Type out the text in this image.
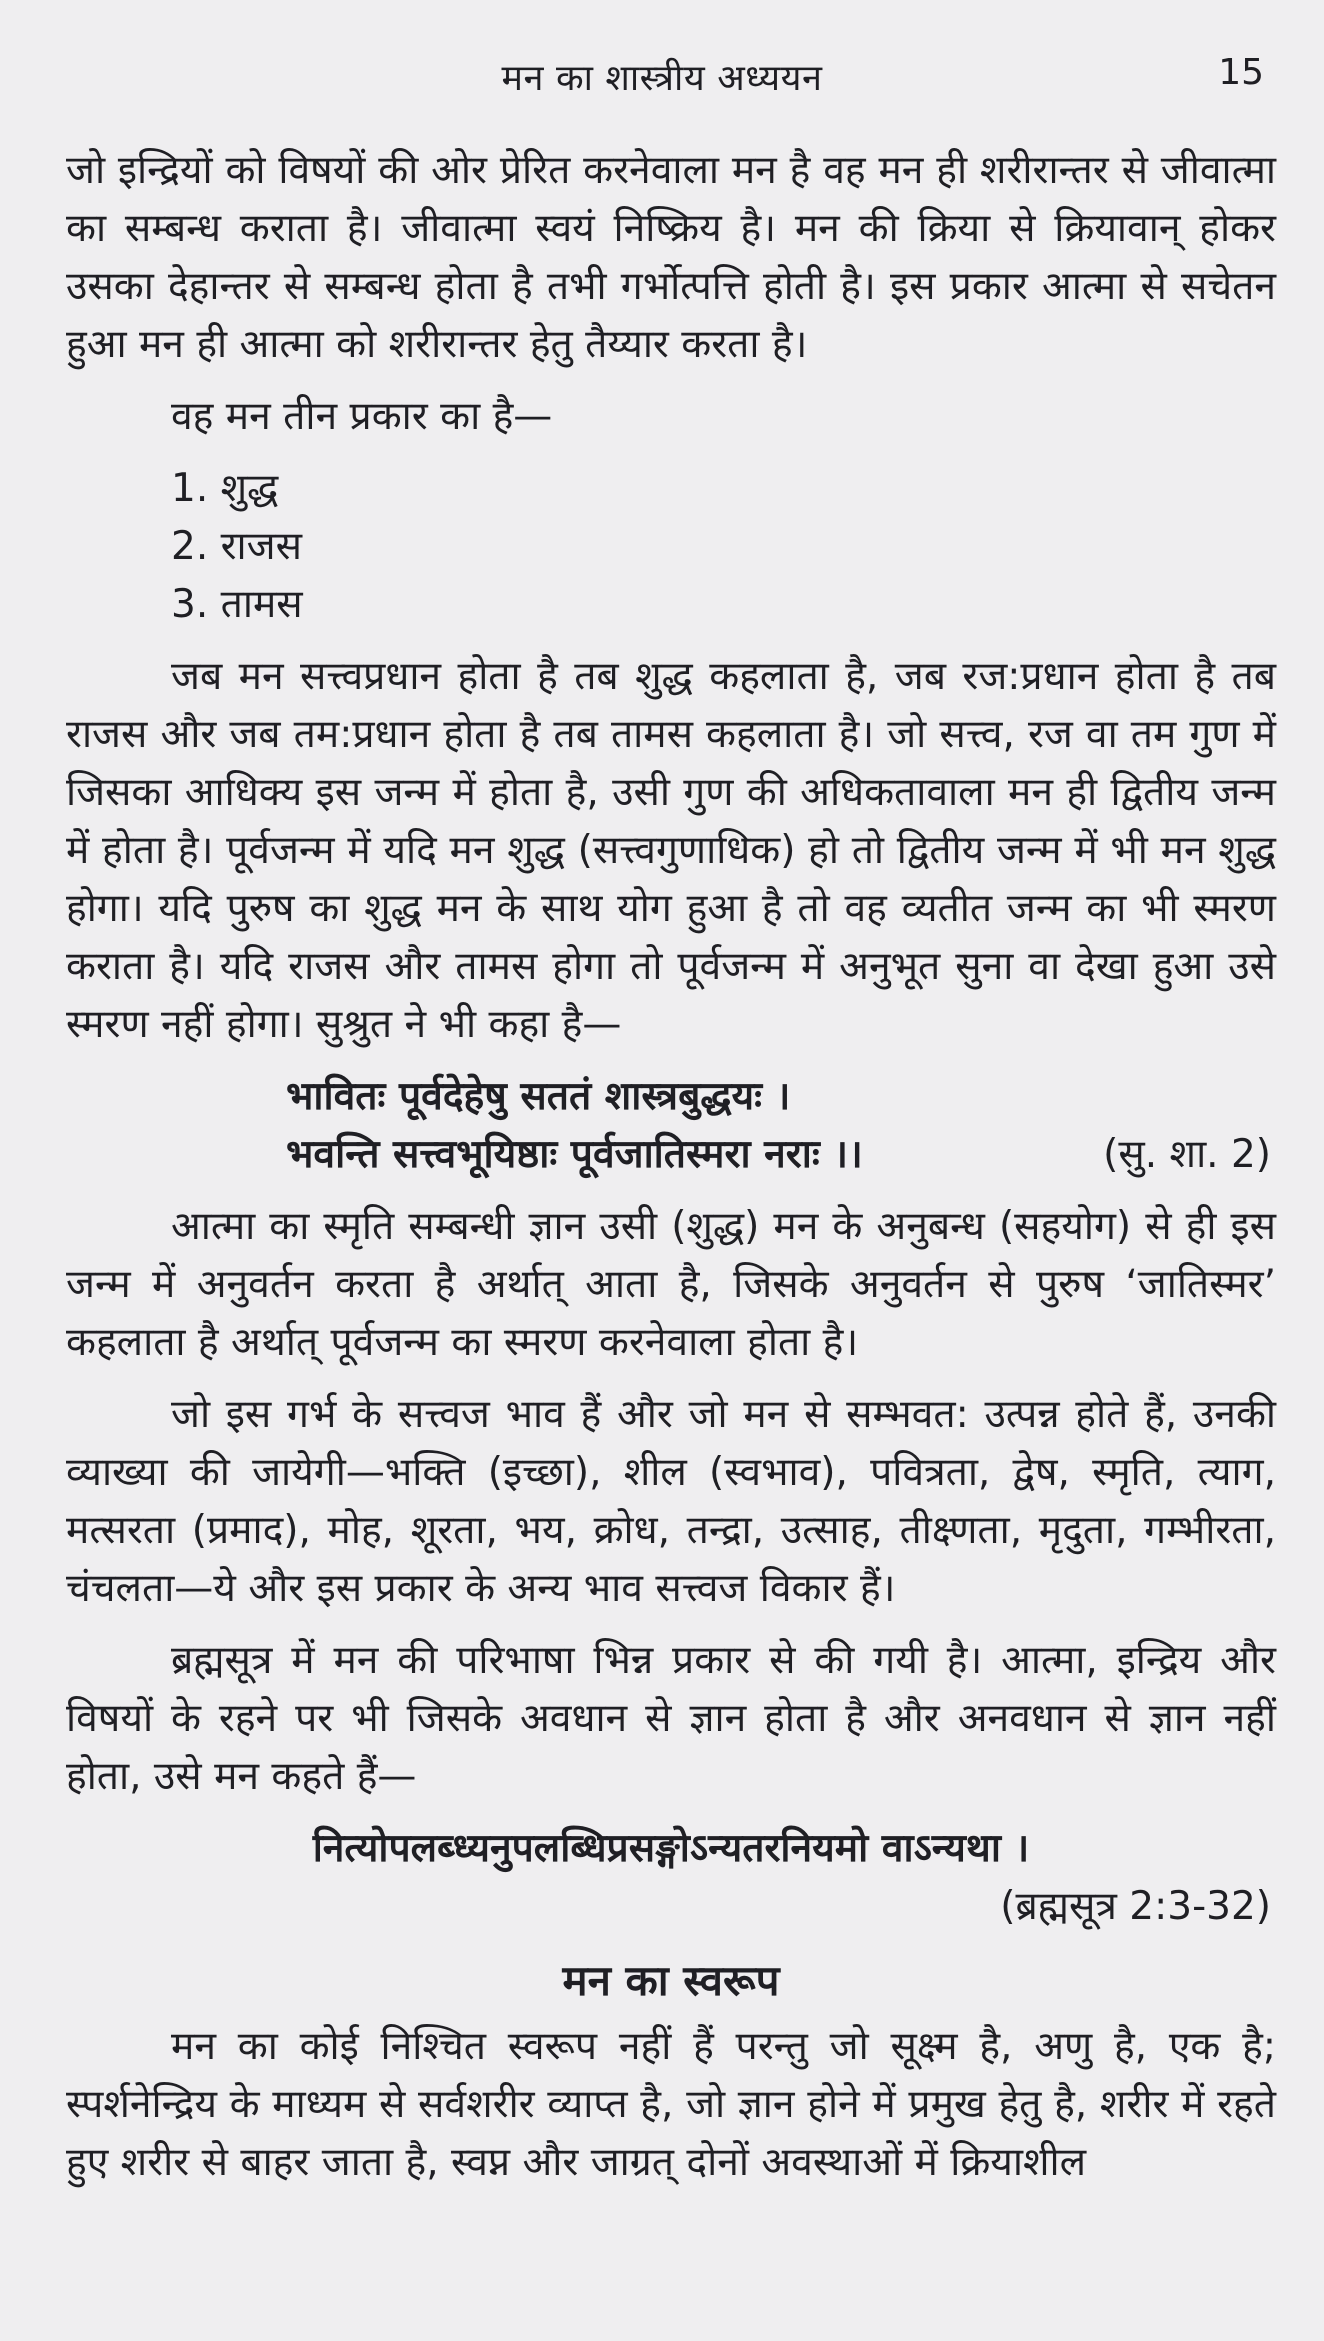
मन का शास्त्रीय अध्ययन	15

जो इन्द्रियों को विषयों की ओर प्रेरित करनेवाला मन है वह मन ही शरीरान्तर से जीवात्मा का सम्बन्ध कराता है। जीवात्मा स्वयं निष्क्रिय है। मन की क्रिया से क्रियावान् होकर उसका देहान्तर से सम्बन्ध होता है तभी गर्भोत्पत्ति होती है। इस प्रकार आत्मा से सचेतन हुआ मन ही आत्मा को शरीरान्तर हेतु तैय्यार करता है।

वह मन तीन प्रकार का है—

1. शुद्ध
2. राजस
3. तामस

जब मन सत्त्वप्रधान होता है तब शुद्ध कहलाता है, जब रज:प्रधान होता है तब राजस और जब तम:प्रधान होता है तब तामस कहलाता है। जो सत्त्व, रज वा तम गुण में जिसका आधिक्य इस जन्म में होता है, उसी गुण की अधिकतावाला मन ही द्वितीय जन्म में होता है। पूर्वजन्म में यदि मन शुद्ध (सत्त्वगुणाधिक) हो तो द्वितीय जन्म में भी मन शुद्ध होगा। यदि पुरुष का शुद्ध मन के साथ योग हुआ है तो वह व्यतीत जन्म का भी स्मरण कराता है। यदि राजस और तामस होगा तो पूर्वजन्म में अनुभूत सुना वा देखा हुआ उसे स्मरण नहीं होगा। सुश्रुत ने भी कहा है—

भावितः पूर्वदेहेषु सततं शास्त्रबुद्धयः ।
भवन्ति सत्त्वभूयिष्ठाः पूर्वजातिस्मरा नराः ।।	(सु. शा. 2)

आत्मा का स्मृति सम्बन्धी ज्ञान उसी (शुद्ध) मन के अनुबन्ध (सहयोग) से ही इस जन्म में अनुवर्तन करता है अर्थात् आता है, जिसके अनुवर्तन से पुरुष ‘जातिस्मर’ कहलाता है अर्थात् पूर्वजन्म का स्मरण करनेवाला होता है।

जो इस गर्भ के सत्त्वज भाव हैं और जो मन से सम्भवत: उत्पन्न होते हैं, उनकी व्याख्या की जायेगी—भक्ति (इच्छा), शील (स्वभाव), पवित्रता, द्वेष, स्मृति, त्याग, मत्सरता (प्रमाद), मोह, शूरता, भय, क्रोध, तन्द्रा, उत्साह, तीक्ष्णता, मृदुता, गम्भीरता, चंचलता—ये और इस प्रकार के अन्य भाव सत्त्वज विकार हैं।

ब्रह्मसूत्र में मन की परिभाषा भिन्न प्रकार से की गयी है। आत्मा, इन्द्रिय और विषयों के रहने पर भी जिसके अवधान से ज्ञान होता है और अनवधान से ज्ञान नहीं होता, उसे मन कहते हैं—

नित्योपलब्ध्यनुपलब्धिप्रसङ्गोऽन्यतरनियमो वाऽन्यथा ।
(ब्रह्मसूत्र 2:3-32)
मन का स्वरूप

मन का कोई निश्चित स्वरूप नहीं हैं परन्तु जो सूक्ष्म है, अणु है, एक है; स्पर्शनेन्द्रिय के माध्यम से सर्वशरीर व्याप्त है, जो ज्ञान होने में प्रमुख हेतु है, शरीर में रहते हुए शरीर से बाहर जाता है, स्वप्न और जाग्रत् दोनों अवस्थाओं में क्रियाशील
